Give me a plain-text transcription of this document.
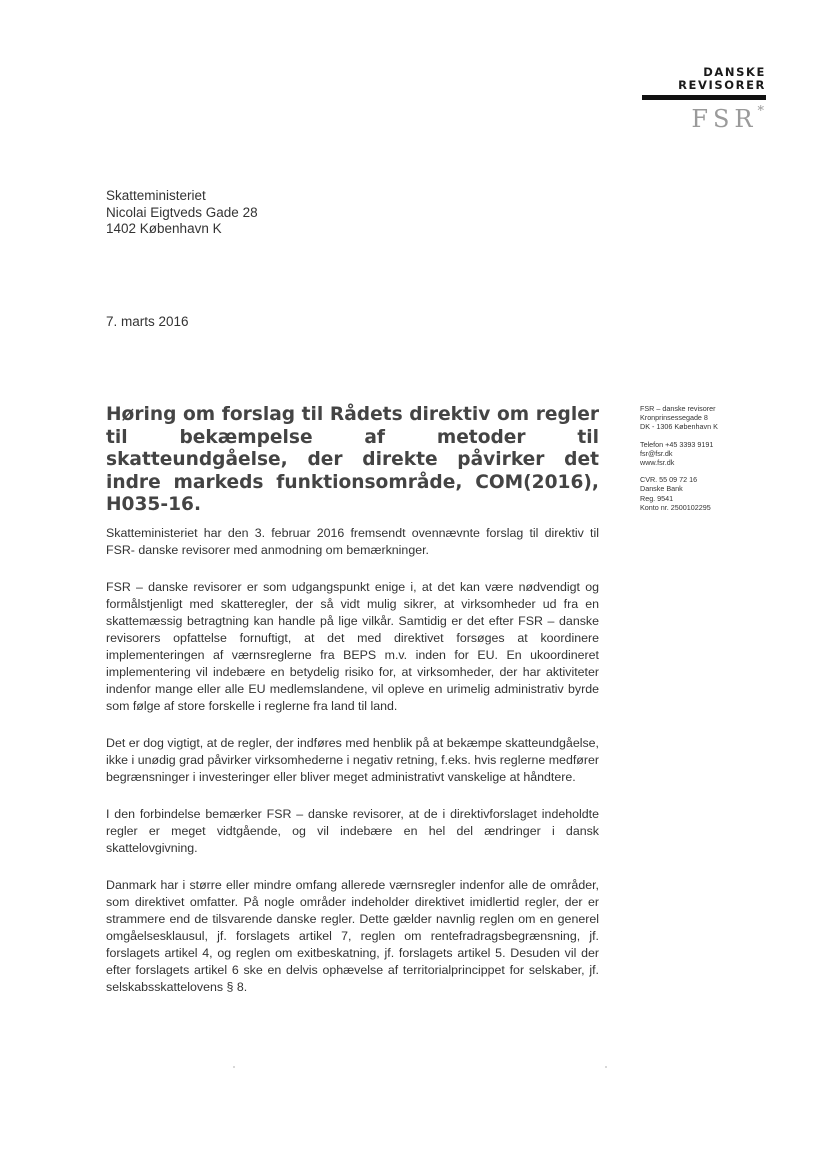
DANSKE
REVISORER
FSR*
Skatteministeriet
Nicolai Eigtveds Gade 28
1402 København K
7. marts 2016
FSR – danske revisorer
Kronprinsessegade 8
DK - 1306 København K
Telefon +45 3393 9191
fsr@fsr.dk
www.fsr.dk
CVR. 55 09 72 16
Danske Bank
Reg. 9541
Konto nr. 2500102295
Høring om forslag til Rådets direktiv om regler til bekæmpelse af metoder til skatteundgåelse, der direkte påvirker det indre markeds funktionsområde, COM(2016), H035-16.

Skatteministeriet har den 3. februar 2016 fremsendt ovennævnte forslag til direktiv til FSR- danske revisorer med anmodning om bemærkninger.

FSR – danske revisorer er som udgangspunkt enige i, at det kan være nødvendigt og formålstjenligt med skatteregler, der så vidt mulig sikrer, at virksomheder ud fra en skattemæssig betragtning kan handle på lige vilkår. Samtidig er det efter FSR – danske revisorers opfattelse fornuftigt, at det med direktivet forsøges at koordinere implementeringen af værnsreglerne fra BEPS m.v. inden for EU. En ukoordineret implementering vil indebære en betydelig risiko for, at virksomheder, der har aktiviteter indenfor mange eller alle EU medlemslandene, vil opleve en urimelig administrativ byrde som følge af store forskelle i reglerne fra land til land.

Det er dog vigtigt, at de regler, der indføres med henblik på at bekæmpe skatteundgåelse, ikke i unødig grad påvirker virksomhederne i negativ retning, f.eks. hvis reglerne medfører begrænsninger i investeringer eller bliver meget administrativt vanskelige at håndtere.

I den forbindelse bemærker FSR – danske revisorer, at de i direktivforslaget indeholdte regler er meget vidtgående, og vil indebære en hel del ændringer i dansk skattelovgivning.

Danmark har i større eller mindre omfang allerede værnsregler indenfor alle de områder, som direktivet omfatter. På nogle områder indeholder direktivet imidlertid regler, der er strammere end de tilsvarende danske regler. Dette gælder navnlig reglen om en generel omgåelsesklausul, jf. forslagets artikel 7, reglen om rentefradragsbegrænsning, jf. forslagets artikel 4, og reglen om exitbeskatning, jf. forslagets artikel 5. Desuden vil der efter forslagets artikel 6 ske en delvis ophævelse af territorialprincippet for selskaber, jf. selskabsskattelovens § 8.
